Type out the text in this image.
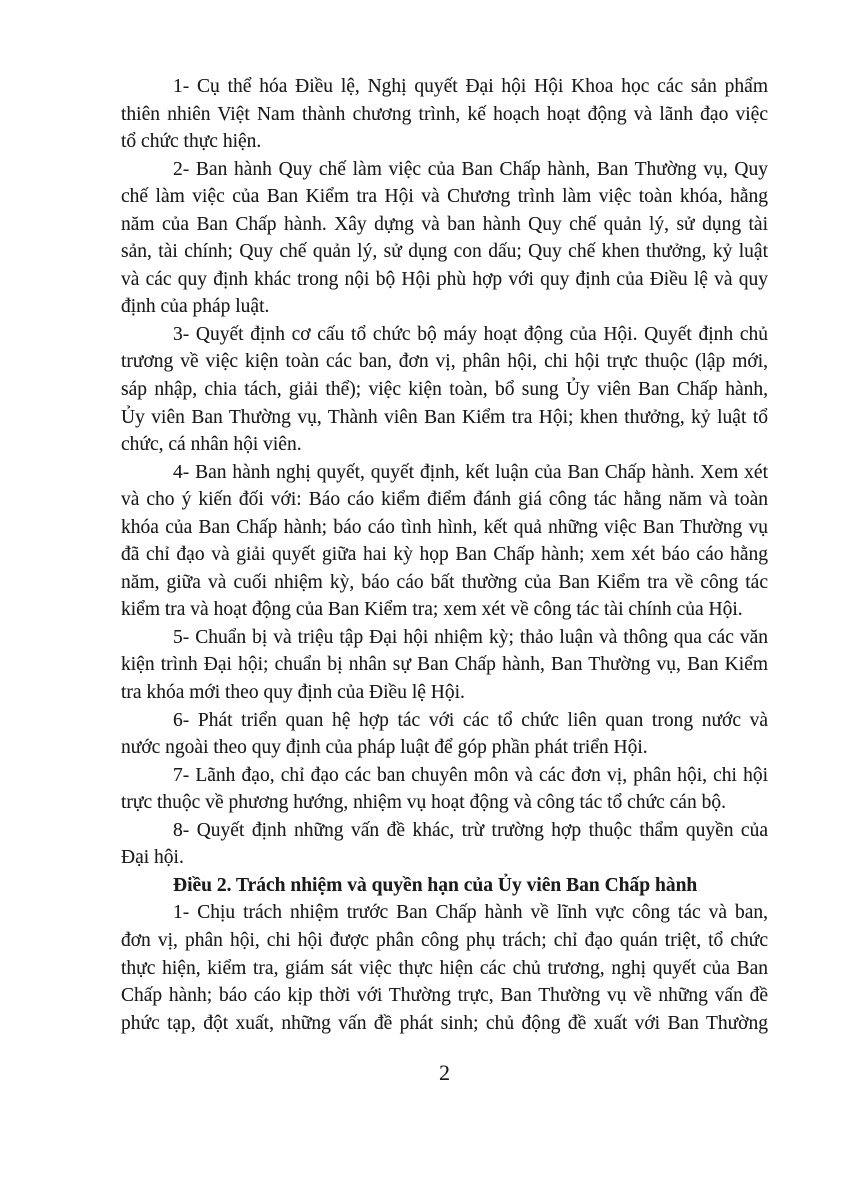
1- Cụ thể hóa Điều lệ, Nghị quyết Đại hội Hội Khoa học các sản phẩm
thiên nhiên Việt Nam thành chương trình, kế hoạch hoạt động và lãnh đạo việc
tổ chức thực hiện.

2- Ban hành Quy chế làm việc của Ban Chấp hành, Ban Thường vụ, Quy
chế làm việc của Ban Kiểm tra Hội và Chương trình làm việc toàn khóa, hằng
năm của Ban Chấp hành. Xây dựng và ban hành Quy chế quản lý, sử dụng tài
sản, tài chính; Quy chế quản lý, sử dụng con dấu; Quy chế khen thưởng, kỷ luật
và các quy định khác trong nội bộ Hội phù hợp với quy định của Điều lệ và quy
định của pháp luật.

3- Quyết định cơ cấu tổ chức bộ máy hoạt động của Hội. Quyết định chủ
trương về việc kiện toàn các ban, đơn vị, phân hội, chi hội trực thuộc (lập mới,
sáp nhập, chia tách, giải thể); việc kiện toàn, bổ sung Ủy viên Ban Chấp hành,
Ủy viên Ban Thường vụ, Thành viên Ban Kiểm tra Hội; khen thưởng, kỷ luật tổ
chức, cá nhân hội viên.

4- Ban hành nghị quyết, quyết định, kết luận của Ban Chấp hành. Xem xét
và cho ý kiến đối với: Báo cáo kiểm điểm đánh giá công tác hằng năm và toàn
khóa của Ban Chấp hành; báo cáo tình hình, kết quả những việc Ban Thường vụ
đã chỉ đạo và giải quyết giữa hai kỳ họp Ban Chấp hành; xem xét báo cáo hằng
năm, giữa và cuối nhiệm kỳ, báo cáo bất thường của Ban Kiểm tra về công tác
kiểm tra và hoạt động của Ban Kiểm tra; xem xét về công tác tài chính của Hội.

5- Chuẩn bị và triệu tập Đại hội nhiệm kỳ; thảo luận và thông qua các văn
kiện trình Đại hội; chuẩn bị nhân sự Ban Chấp hành, Ban Thường vụ, Ban Kiểm
tra khóa mới theo quy định của Điều lệ Hội.

6- Phát triển quan hệ hợp tác với các tổ chức liên quan trong nước và
nước ngoài theo quy định của pháp luật để góp phần phát triển Hội.

7- Lãnh đạo, chỉ đạo các ban chuyên môn và các đơn vị, phân hội, chi hội
trực thuộc về phương hướng, nhiệm vụ hoạt động và công tác tổ chức cán bộ.

8- Quyết định những vấn đề khác, trừ trường hợp thuộc thẩm quyền của
Đại hội.

Điều 2. Trách nhiệm và quyền hạn của Ủy viên Ban Chấp hành

1- Chịu trách nhiệm trước Ban Chấp hành về lĩnh vực công tác và ban,
đơn vị, phân hội, chi hội được phân công phụ trách; chỉ đạo quán triệt, tổ chức
thực hiện, kiểm tra, giám sát việc thực hiện các chủ trương, nghị quyết của Ban
Chấp hành; báo cáo kịp thời với Thường trực, Ban Thường vụ về những vấn đề
phức tạp, đột xuất, những vấn đề phát sinh; chủ động đề xuất với Ban Thường

2
